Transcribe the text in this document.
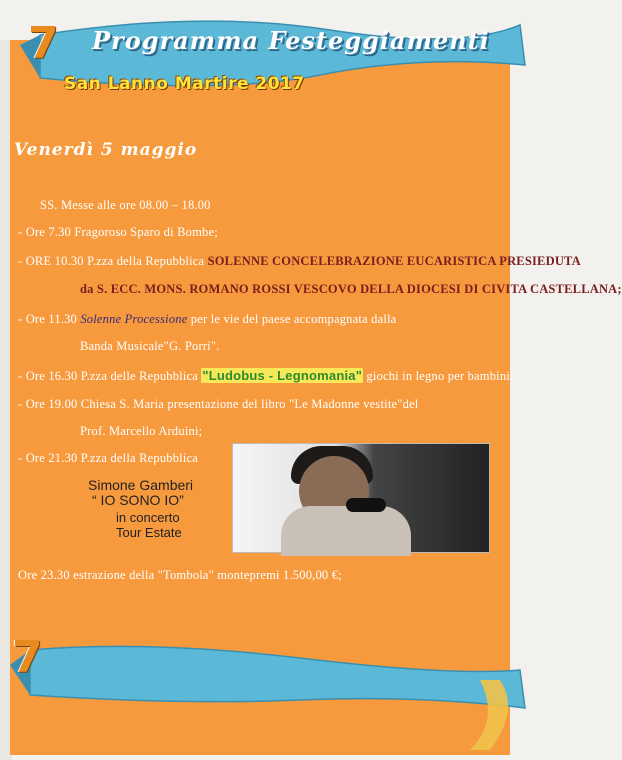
7 Programma Festeggiamenti
San Lanno Martire 2017
Venerdì 5 maggio
SS. Messe alle ore 08.00 – 18.00
- Ore 7.30 Fragoroso Sparo di Bombe;
- ORE 10.30 P.zza della Repubblica SOLENNE CONCELEBRAZIONE EUCARISTICA PRESIEDUTA
da S. ECC. MONS. ROMANO ROSSI VESCOVO DELLA DIOCESI DI CIVITA CASTELLANA;
- Ore 11.30 Solenne Processione per le vie del paese accompagnata dalla
Banda Musicale"G. Porri".
- Ore 16.30 P.zza delle Repubblica "Ludobus - Legnomania" giochi in legno per bambini;
- Ore 19.00 Chiesa S. Maria presentazione del libro "Le Madonne vestite"del
Prof. Marcello Arduini;
- Ore 21.30 P.zza della Repubblica
Simone Gamberi
“ IO SONO IO”
in concerto
Tour Estate
Ore 23.30 estrazione della "Tombola" montepremi 1.500,00 €;
7
